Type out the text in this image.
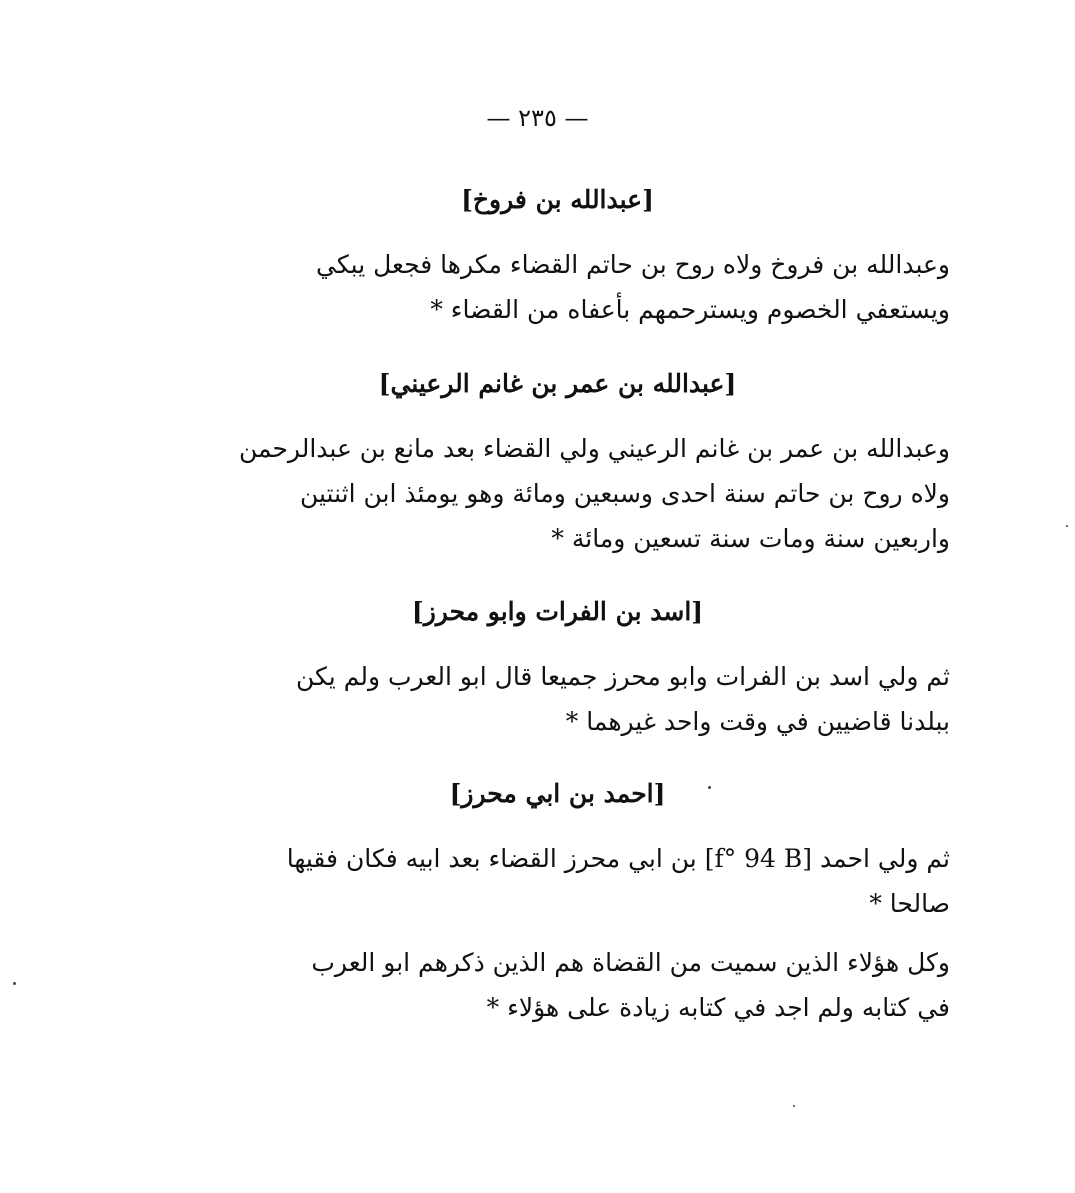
— ٢٣٥ —
[عبدالله بن فروخ]
وعبدالله بن فروخ ولاه روح بن حاتم القضاء مكرها فجعل يبكي
ويستعفي الخصوم ويسترحمهم بأعفاه من القضاء *
[عبدالله بن عمر بن غانم الرعيني]
وعبدالله بن عمر بن غانم الرعيني ولي القضاء بعد مانع بن عبدالرحمن
ولاه روح بن حاتم سنة احدى وسبعين ومائة وهو يومئذ ابن اثنتين
واربعين سنة ومات سنة تسعين ومائة *
[اسد بن الفرات وابو محرز]
ثم ولي اسد بن الفرات وابو محرز جميعا قال ابو العرب ولم يكن
ببلدنا قاضيين في وقت واحد غيرهما *
[احمد بن ابي محرز]
ثم ولي احمد [f° 94 B] بن ابي محرز القضاء بعد ابيه فكان فقيها
صالحا *
وكل هؤلاء الذين سميت من القضاة هم الذين ذكرهم ابو العرب
في كتابه ولم اجد في كتابه زيادة على هؤلاء *
